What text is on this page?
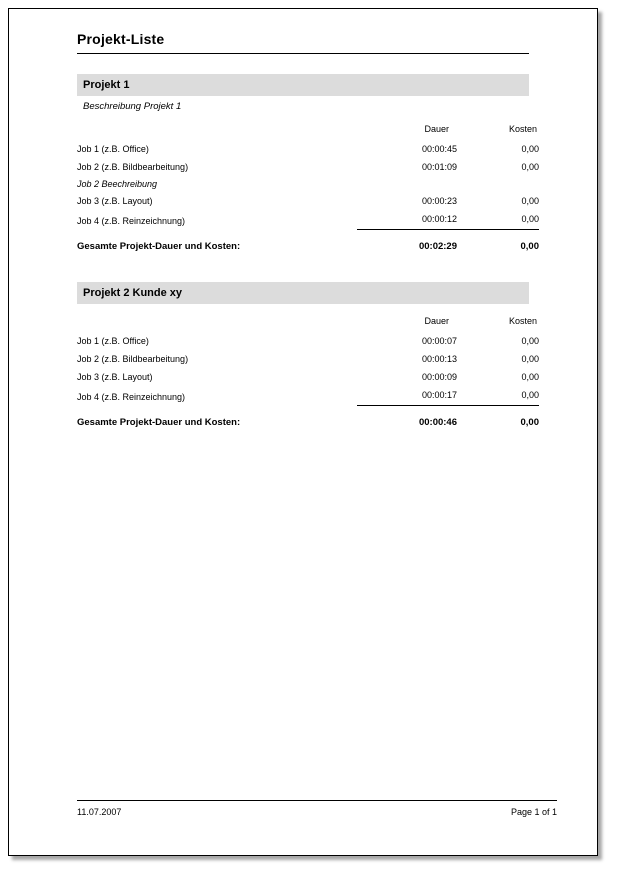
Projekt-Liste
Projekt 1
Beschreibung Projekt 1
	Dauer	Kosten
Job 1 (z.B. Office)	00:00:45	0,00
Job 2 (z.B. Bildbearbeitung)	00:01:09	0,00
Job 2 Beechreibung		
Job 3 (z.B. Layout)	00:00:23	0,00
Job 4 (z.B. Reinzeichnung)	00:00:12	0,00
Gesamte Projekt-Dauer und Kosten:	00:02:29	0,00
Projekt 2 Kunde xy
	Dauer	Kosten
Job 1 (z.B. Office)	00:00:07	0,00
Job 2 (z.B. Bildbearbeitung)	00:00:13	0,00
Job 3 (z.B. Layout)	00:00:09	0,00
Job 4 (z.B. Reinzeichnung)	00:00:17	0,00
Gesamte Projekt-Dauer und Kosten:	00:00:46	0,00
11.07.2007	Page 1 of 1
